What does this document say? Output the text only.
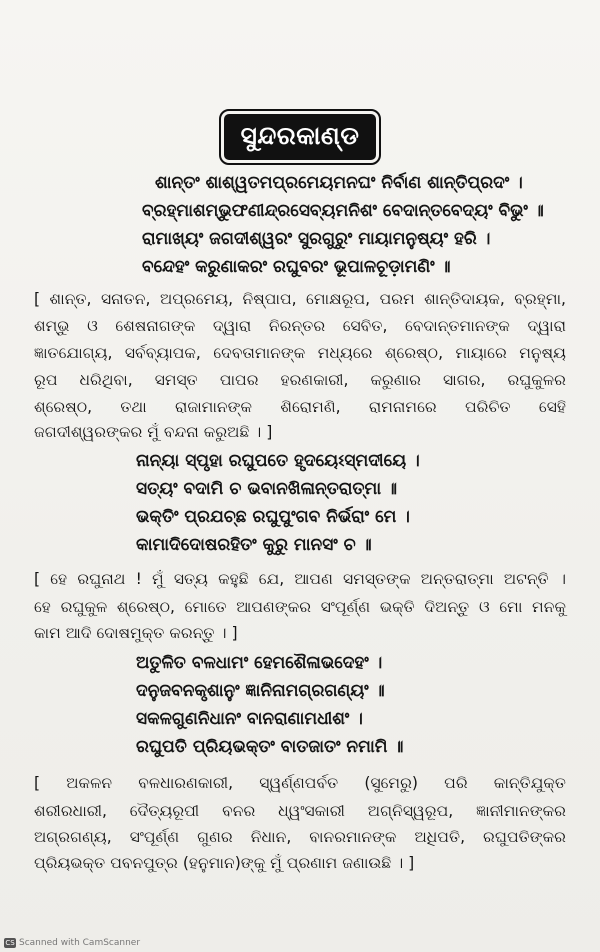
ସୁନ୍ଦରକାଣ୍ଡ
ଶାନ୍ତଂ ଶାଶ୍ୱତମପ୍ରମେୟମନଘଂ ନିର୍ବାଣ ଶାନ୍ତିପ୍ରଦଂ ।
ବ୍ରହ୍ମାଶମ୍ଭୁଫଣୀନ୍ଦ୍ରସେବ୍ୟମନିଶଂ ବେଦାନ୍ତବେଦ୍ୟଂ ବିଭୁଂ ॥
ରାମାଖ୍ୟଂ ଜଗଦୀଶ୍ୱରଂ ସୁରଗୁରୁଂ ମାୟାମନୁଷ୍ୟଂ ହରି ।
ବନ୍ଦେହଂ କରୁଣାକରଂ ରଘୁବରଂ ଭୂପାଳଚୂଡ଼ାମଣିଂ ॥
[ ଶାନ୍ତ, ସନାତନ, ଅପ୍ରମେୟ, ନିଷ୍ପାପ, ମୋକ୍ଷରୂପ, ପରମ ଶାନ୍ତିଦାୟକ, ବ୍ରହ୍ମା,
ଶମ୍ଭୁ ଓ ଶେଷନାଗଙ୍କ ଦ୍ୱାରା ନିରନ୍ତର ସେବିତ, ବେଦାନ୍ତମାନଙ୍କ ଦ୍ୱାରା
ଜ୍ଞାତଯୋଗ୍ୟ, ସର୍ବବ୍ୟାପକ, ଦେବତାମାନଙ୍କ ମଧ୍ୟରେ ଶ୍ରେଷ୍ଠ, ମାୟାରେ ମନୁଷ୍ୟ
ରୂପ ଧରିଥିବା, ସମସ୍ତ ପାପର ହରଣକାରୀ, କରୁଣାର ସାଗର, ରଘୁକୁଳର
ଶ୍ରେଷ୍ଠ, ତଥା ରାଜାମାନଙ୍କ ଶିରୋମଣି, ରାମନାମରେ ପରିଚିତ ସେହି
ଜଗଦୀଶ୍ୱରଙ୍କର ମୁଁ ବନ୍ଦନା କରୁଅଛି । ]
ନାନ୍ୟା ସ୍ପୃହା ରଘୁପତେ ହୃଦୟେଽସ୍ମଦୀୟେ ।
ସତ୍ୟଂ ବଦାମି ଚ ଭବାନଖିଳାନ୍ତରାତ୍ମା ॥
ଭକ୍ତିଂ ପ୍ରଯଚ୍ଛ ରଘୁପୁଂଗବ ନିର୍ଭରାଂ ମେ ।
କାମାଦିଦୋଷରହିତଂ କୁରୁ ମାନସଂ ଚ ॥
[ ହେ ରଘୁନାଥ ! ମୁଁ ସତ୍ୟ କହୁଛି ଯେ, ଆପଣ ସମସ୍ତଙ୍କ ଅନ୍ତରାତ୍ମା ଅଟନ୍ତି ।
ହେ ରଘୁକୁଳ ଶ୍ରେଷ୍ଠ, ମୋତେ ଆପଣଙ୍କର ସଂପୂର୍ଣ୍ଣ ଭକ୍ତି ଦିଅନ୍ତୁ ଓ ମୋ ମନକୁ
କାମ ଆଦି ଦୋଷମୁକ୍ତ କରନ୍ତୁ । ]
ଅତୁଳିତ ବଳଧାମଂ ହେମଶୈଳାଭଦେହଂ ।
ଦନୁଜବନକୃଶାନୁଂ ଜ୍ଞାନିନାମଗ୍ରଗଣ୍ୟଂ ॥
ସକଳଗୁଣନିଧାନଂ ବାନରାଣାମଧୀଶଂ ।
ରଘୁପତି ପ୍ରିୟଭକ୍ତଂ ବାତଜାତଂ ନମାମି ॥
[ ଅକଳନ ବଳଧାରଣକାରୀ, ସ୍ୱର୍ଣ୍ଣପର୍ବତ (ସୁମେରୁ) ପରି କାନ୍ତିଯୁକ୍ତ
ଶରୀରଧାରୀ, ଦୈତ୍ୟରୂପୀ ବନର ଧ୍ୱଂସକାରୀ ଅଗ୍ନିସ୍ୱରୂପ, ଜ୍ଞାନୀମାନଙ୍କର
ଅଗ୍ରଗଣ୍ୟ, ସଂପୂର୍ଣ୍ଣ ଗୁଣର ନିଧାନ, ବାନରମାନଙ୍କ ଅଧିପତି, ରଘୁପତିଙ୍କର
ପ୍ରିୟଭକ୍ତ ପବନପୁତ୍ର (ହନୁମାନ)ଙ୍କୁ ମୁଁ ପ୍ରଣାମ ଜଣାଉଛି । ]
CS Scanned with CamScanner
